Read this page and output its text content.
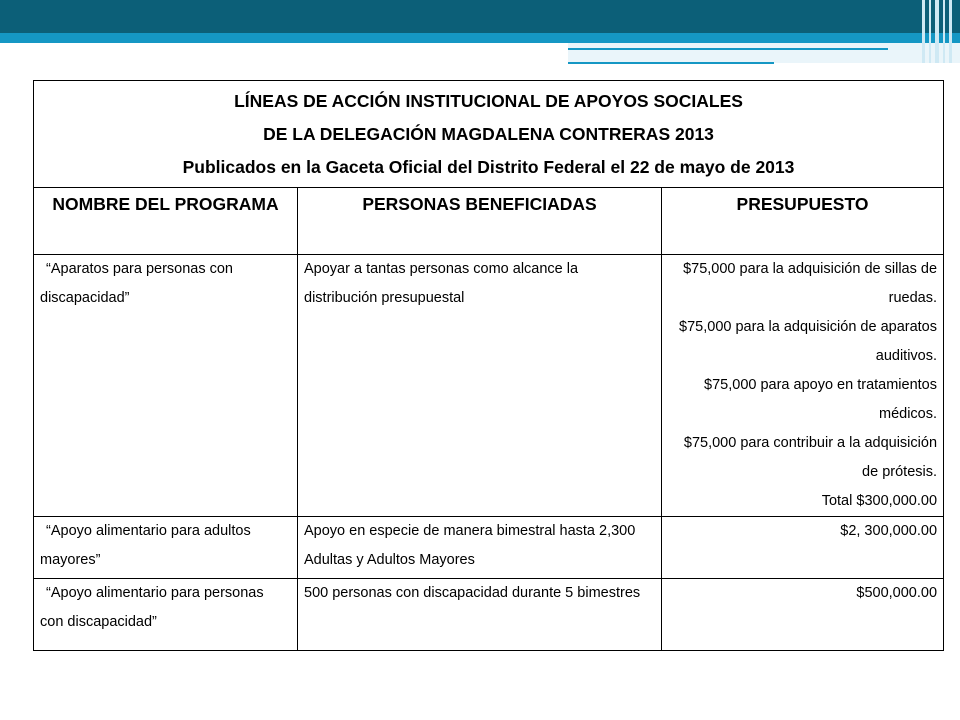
LÍNEAS DE ACCIÓN INSTITUCIONAL DE APOYOS SOCIALES
DE LA DELEGACIÓN MAGDALENA CONTRERAS 2013
Publicados en la Gaceta Oficial del Distrito Federal el 22 de mayo de 2013		

NOMBRE DEL PROGRAMA	PERSONAS BENEFICIADAS	PRESUPUESTO
“Aparatos para personas con discapacidad”	Apoyar a tantas personas como alcance la distribución presupuestal	$75,000 para la adquisición de sillas de ruedas.
$75,000 para la adquisición de aparatos auditivos.
$75,000 para apoyo en tratamientos médicos.
$75,000 para contribuir a la adquisición de prótesis.
Total $300,000.00

“Apoyo alimentario para adultos mayores”	Apoyo en especie de manera bimestral hasta 2,300 Adultas y Adultos Mayores	$2, 300,000.00

“Apoyo alimentario para personas con discapacidad”	500 personas con discapacidad durante 5 bimestres	$500,000.00
